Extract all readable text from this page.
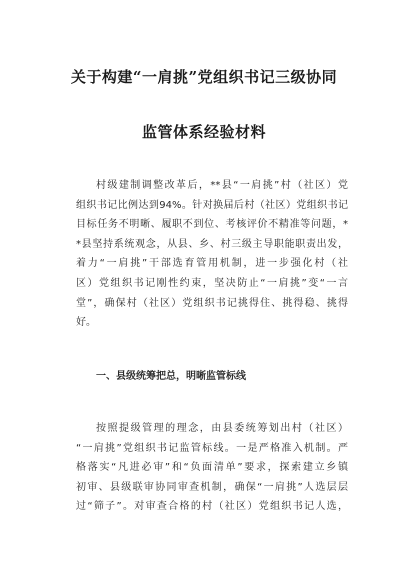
关于构建“一肩挑”党组织书记三级协同
监管体系经验材料
村级建制调整改革后，**县“一肩挑”村（社区）党
组织书记比例达到94%。针对换届后村（社区）党组织书记
目标任务不明晰、履职不到位、考核评价不精准等问题，*
*县坚持系统观念，从县、乡、村三级主导职能职责出发，
着力“一肩挑”干部选育管用机制，进一步强化村（社
区）党组织书记刚性约束，坚决防止“一肩挑”变“一言
堂”，确保村（社区）党组织书记挑得住、挑得稳、挑得
好。
一、县级统筹把总，明晰监管标线
按照提级管理的理念，由县委统筹划出村（社区）
“一肩挑”党组织书记监管标线。一是严格准入机制。严
格落实“凡进必审”和“负面清单”要求，探索建立乡镇
初审、县级联审协同审查机制，确保“一肩挑”人选层层
过“筛子”。对审查合格的村（社区）党组织书记人选，
